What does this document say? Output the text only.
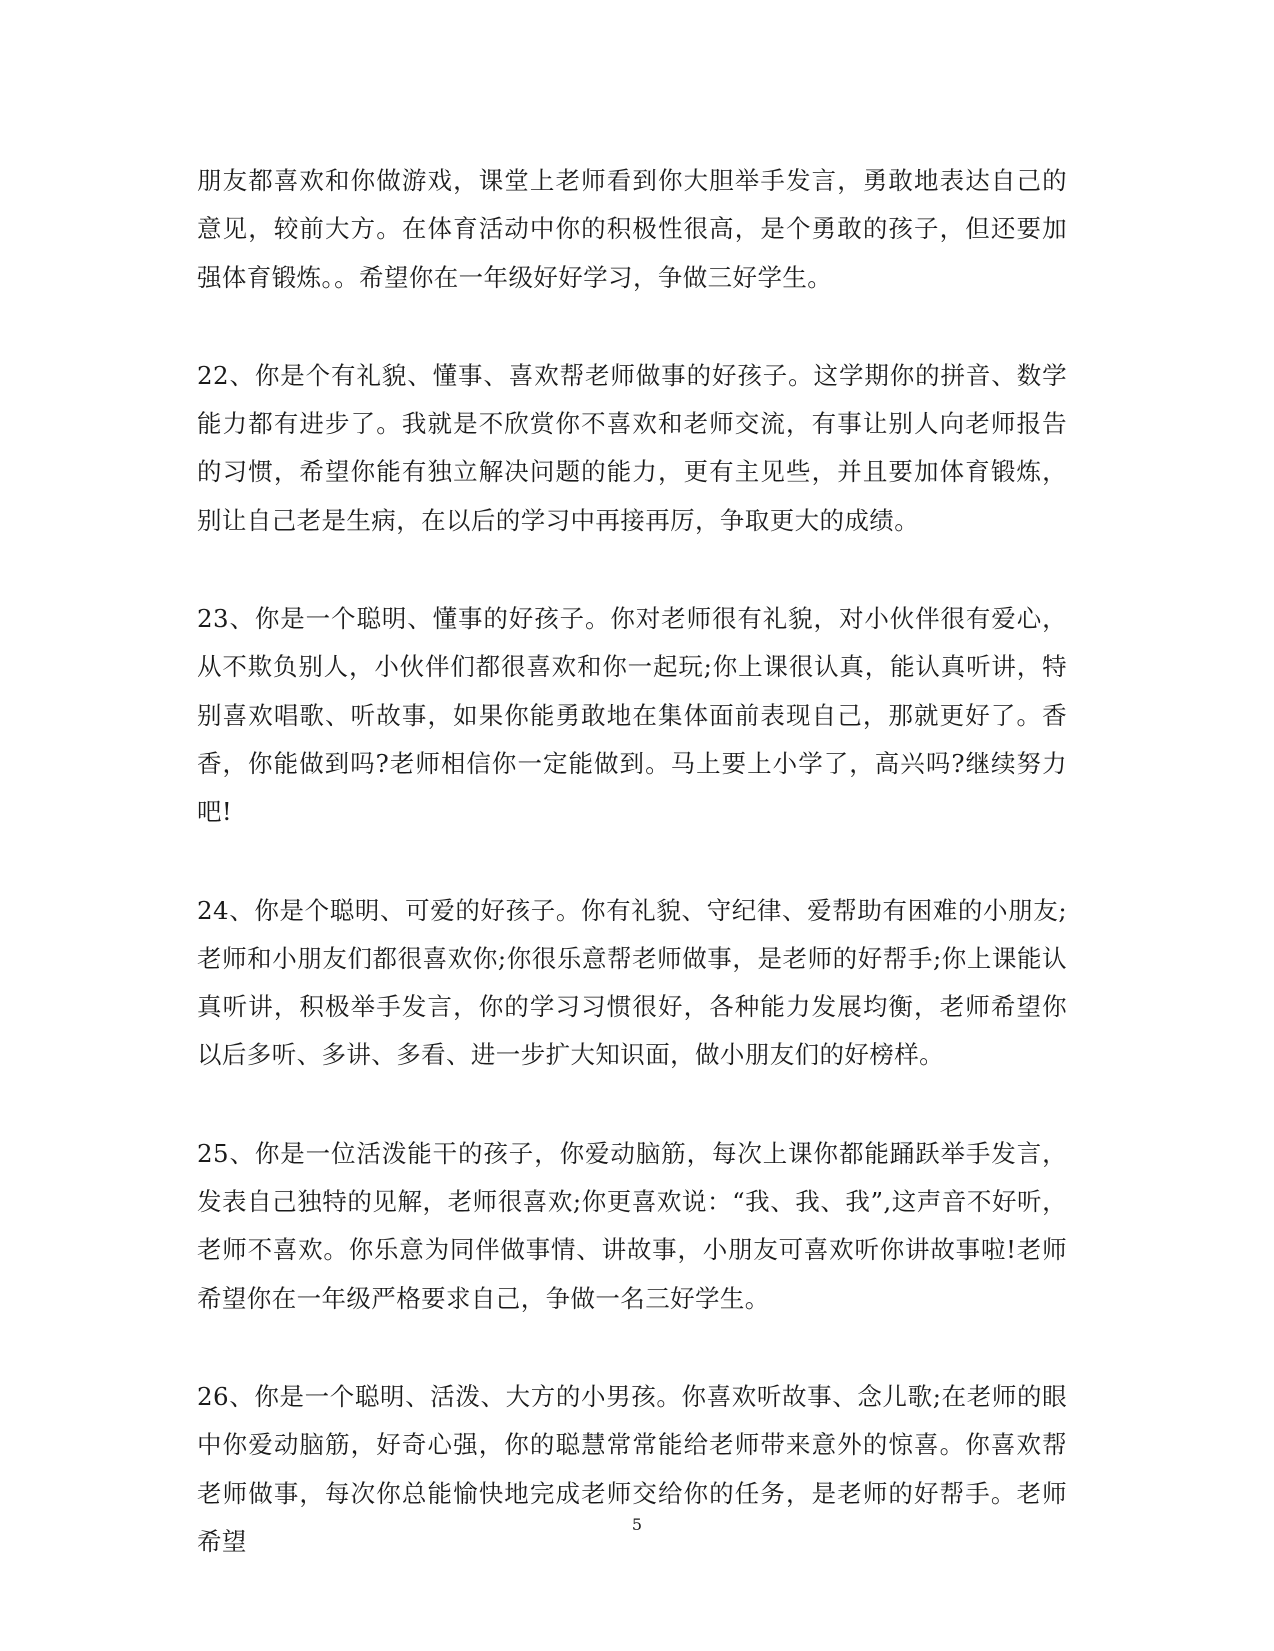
朋友都喜欢和你做游戏，课堂上老师看到你大胆举手发言，勇敢地表达自己的意见，较前大方。在体育活动中你的积极性很高，是个勇敢的孩子，但还要加强体育锻炼。。希望你在一年级好好学习，争做三好学生。

22、你是个有礼貌、懂事、喜欢帮老师做事的好孩子。这学期你的拼音、数学能力都有进步了。我就是不欣赏你不喜欢和老师交流，有事让别人向老师报告的习惯，希望你能有独立解决问题的能力，更有主见些，并且要加体育锻炼，别让自己老是生病，在以后的学习中再接再厉，争取更大的成绩。

23、你是一个聪明、懂事的好孩子。你对老师很有礼貌，对小伙伴很有爱心，从不欺负别人，小伙伴们都很喜欢和你一起玩;你上课很认真，能认真听讲，特别喜欢唱歌、听故事，如果你能勇敢地在集体面前表现自己，那就更好了。香香，你能做到吗?老师相信你一定能做到。马上要上小学了，高兴吗?继续努力吧!

24、你是个聪明、可爱的好孩子。你有礼貌、守纪律、爱帮助有困难的小朋友;老师和小朋友们都很喜欢你;你很乐意帮老师做事，是老师的好帮手;你上课能认真听讲，积极举手发言，你的学习习惯很好，各种能力发展均衡，老师希望你以后多听、多讲、多看、进一步扩大知识面，做小朋友们的好榜样。

25、你是一位活泼能干的孩子，你爱动脑筋，每次上课你都能踊跃举手发言，发表自己独特的见解，老师很喜欢;你更喜欢说：“我、我、我”,这声音不好听，老师不喜欢。你乐意为同伴做事情、讲故事，小朋友可喜欢听你讲故事啦!老师希望你在一年级严格要求自己，争做一名三好学生。

26、你是一个聪明、活泼、大方的小男孩。你喜欢听故事、念儿歌;在老师的眼中你爱动脑筋，好奇心强，你的聪慧常常能给老师带来意外的惊喜。你喜欢帮老师做事，每次你总能愉快地完成老师交给你的任务，是老师的好帮手。老师希望

5
